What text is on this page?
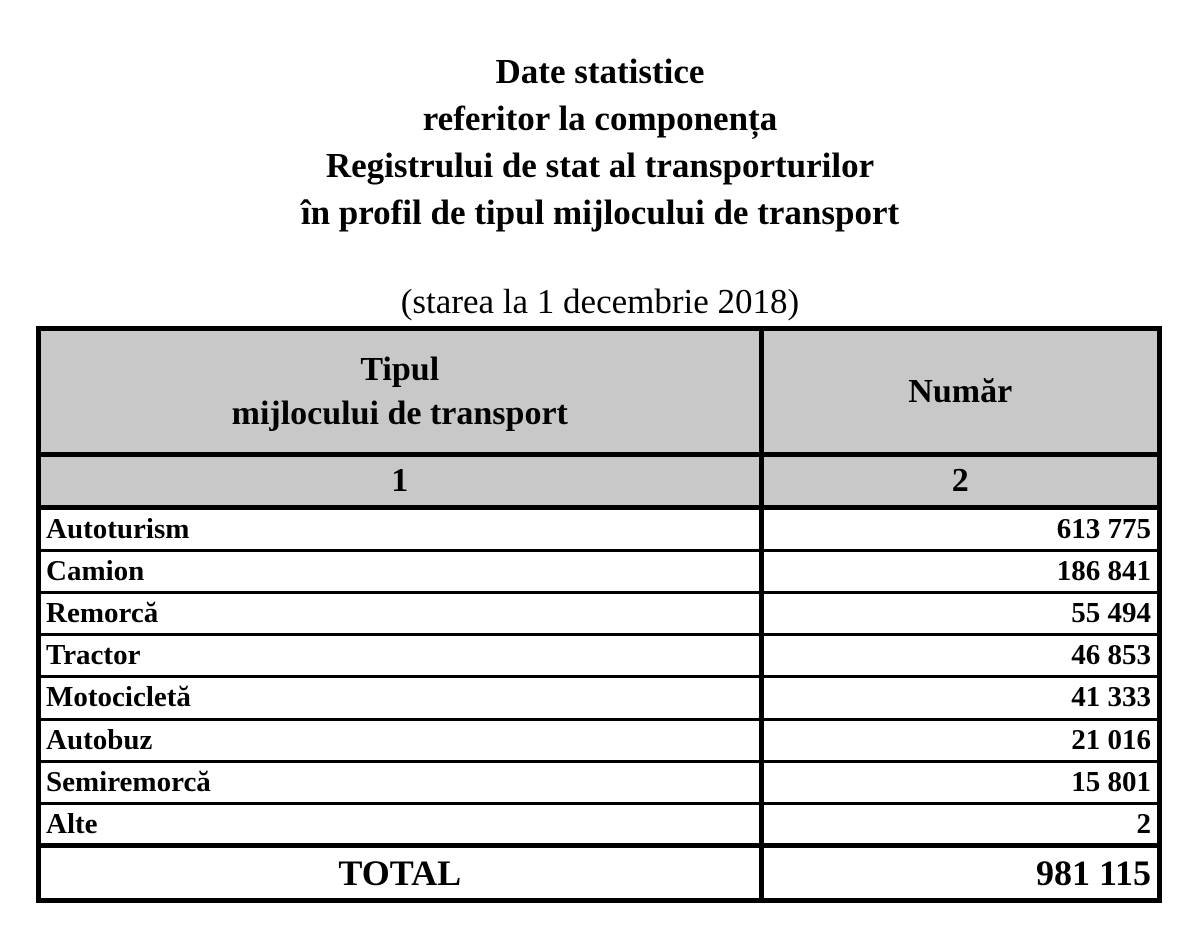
Date statistice
referitor la componența
Registrului de stat al transporturilor
în profil de tipul mijlocului de transport
(starea la 1 decembrie 2018)
Tipul
mijlocului de transport	Număr
1	2
Autoturism	613 775
Camion	186 841
Remorcă	55 494
Tractor	46 853
Motocicletă	41 333
Autobuz	21 016
Semiremorcă	15 801
Alte	2
TOTAL	981 115
